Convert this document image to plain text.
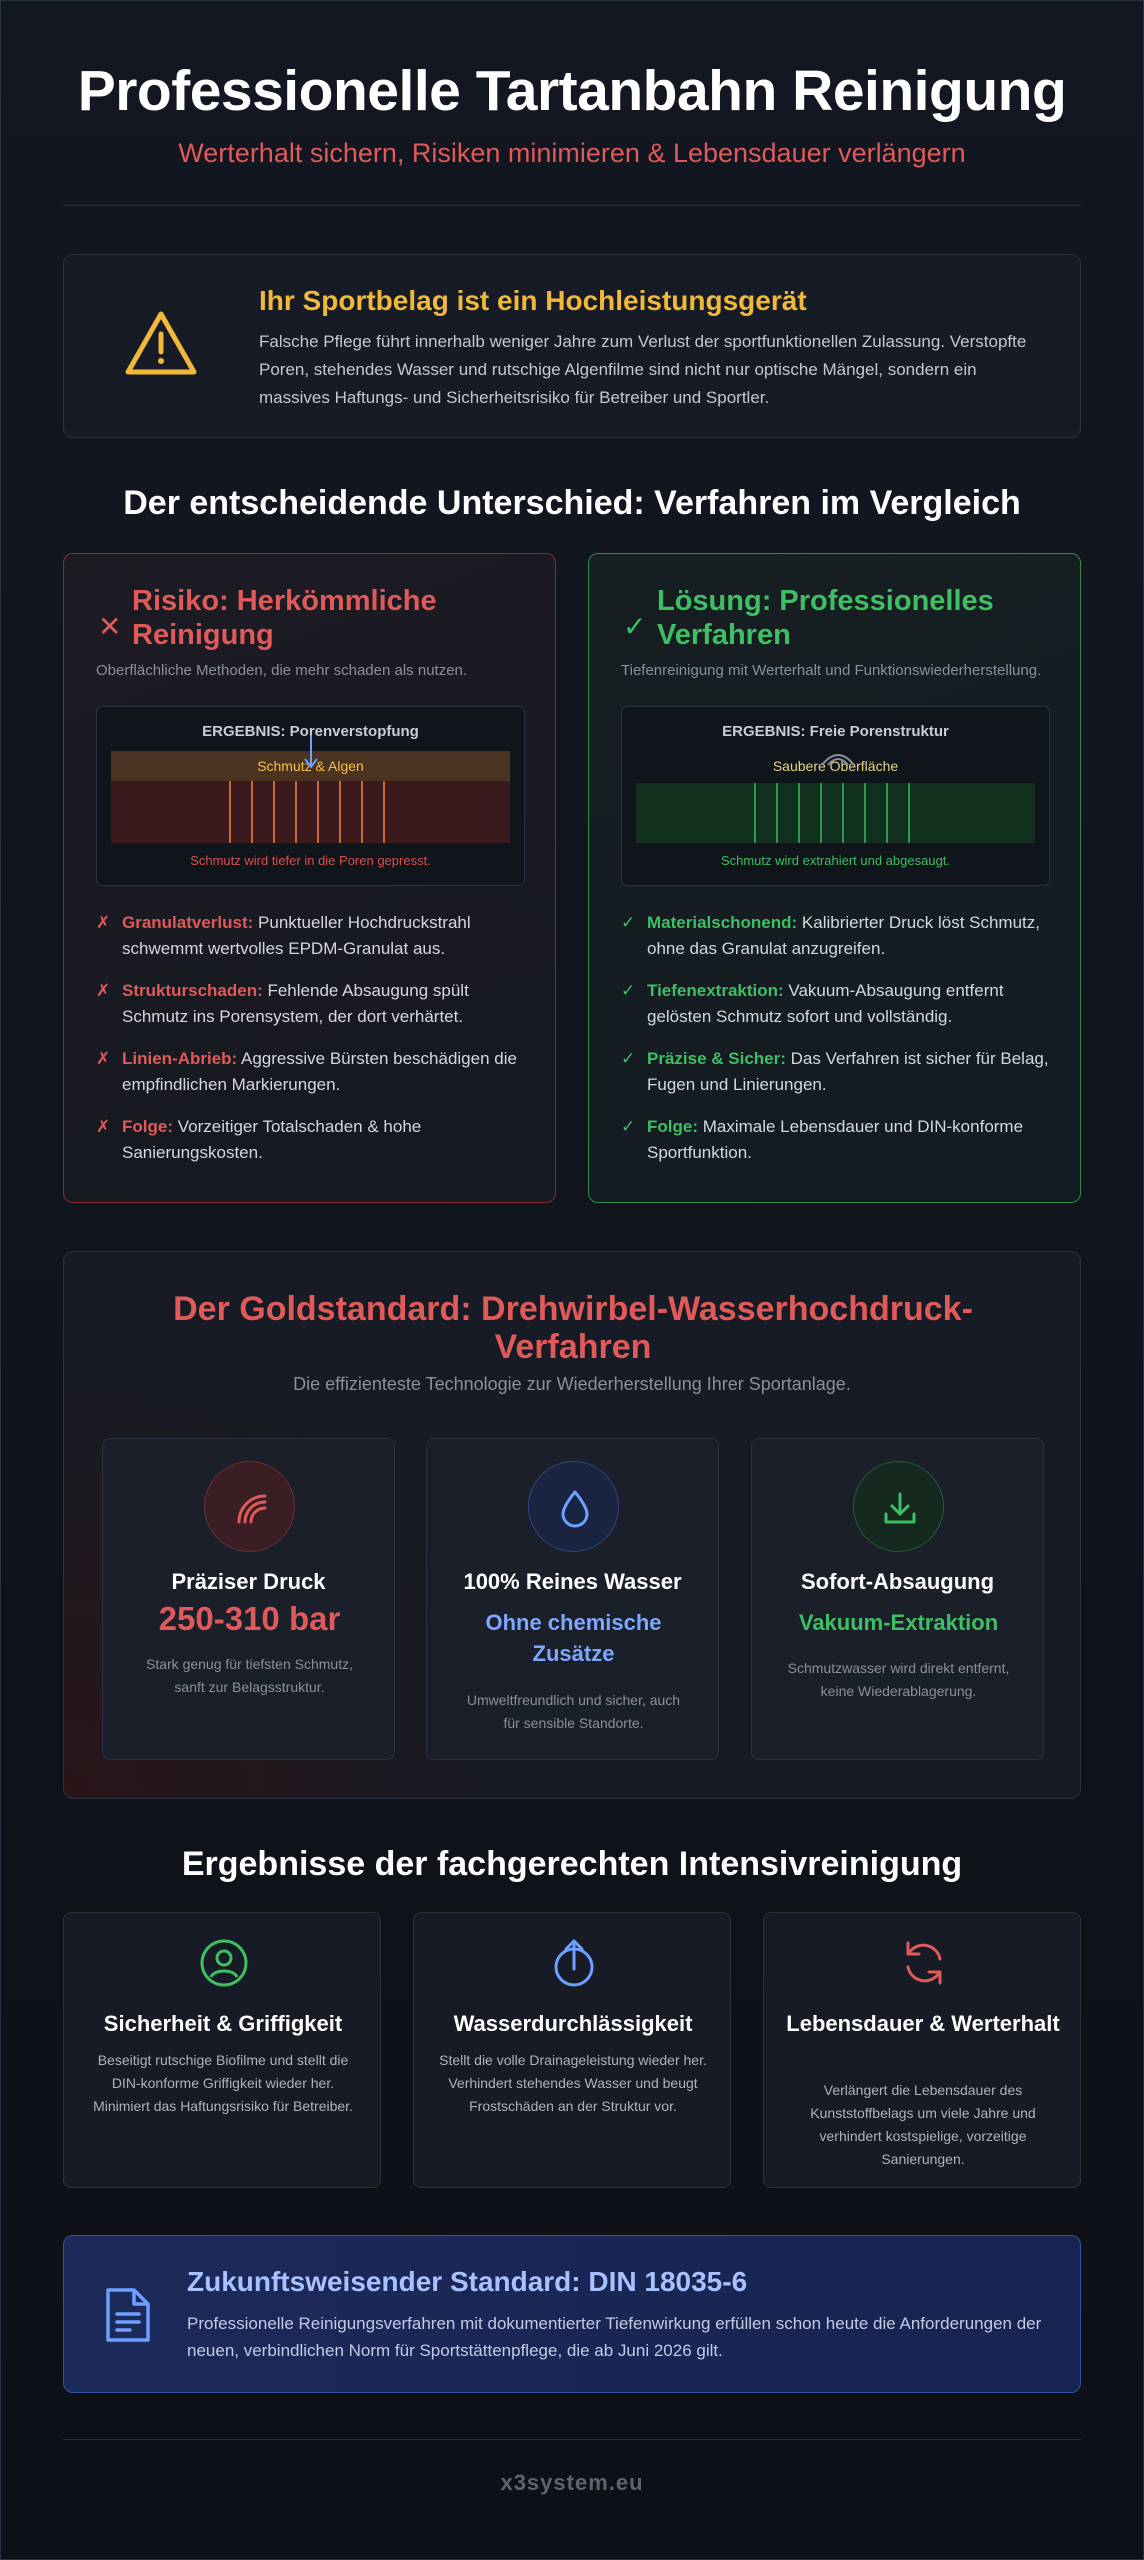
Professionelle Tartanbahn Reinigung
Werterhalt sichern, Risiken minimieren & Lebensdauer verlängern
Ihr Sportbelag ist ein Hochleistungsgerät
Falsche Pflege führt innerhalb weniger Jahre zum Verlust der sportfunktionellen Zulassung. Verstopfte Poren, stehendes Wasser und rutschige Algenfilme sind nicht nur optische Mängel, sondern ein massives Haftungs- und Sicherheitsrisiko für Betreiber und Sportler.
Der entscheidende Unterschied: Verfahren im Vergleich
✕
Risiko: Herkömmliche Reinigung
Oberflächliche Methoden, die mehr schaden als nutzen.
ERGEBNIS: Porenverstopfung
Schmutz & Algen
Schmutz wird tiefer in die Poren gepresst.
✗ Granulatverlust: Punktueller Hochdruckstrahl schwemmt wertvolles EPDM-Granulat aus.
✗ Strukturschaden: Fehlende Absaugung spült Schmutz ins Porensystem, der dort verhärtet.
✗ Linien-Abrieb: Aggressive Bürsten beschädigen die empfindlichen Markierungen.
✗ Folge: Vorzeitiger Totalschaden & hohe Sanierungskosten.
✓
Lösung: Professionelles Verfahren
Tiefenreinigung mit Werterhalt und Funktionswiederherstellung.
ERGEBNIS: Freie Porenstruktur
Saubere Oberfläche
Schmutz wird extrahiert und abgesaugt.
✓ Materialschonend: Kalibrierter Druck löst Schmutz, ohne das Granulat anzugreifen.
✓ Tiefenextraktion: Vakuum-Absaugung entfernt gelösten Schmutz sofort und vollständig.
✓ Präzise & Sicher: Das Verfahren ist sicher für Belag, Fugen und Linierungen.
✓ Folge: Maximale Lebensdauer und DIN-konforme Sportfunktion.
Der Goldstandard: Drehwirbel-Wasserhochdruck-Verfahren
Die effizienteste Technologie zur Wiederherstellung Ihrer Sportanlage.
Präziser Druck
250-310 bar
Stark genug für tiefsten Schmutz, sanft zur Belagsstruktur.
100% Reines Wasser
Ohne chemische Zusätze
Umweltfreundlich und sicher, auch für sensible Standorte.
Sofort-Absaugung
Vakuum-Extraktion
Schmutzwasser wird direkt entfernt, keine Wiederablagerung.
Ergebnisse der fachgerechten Intensivreinigung
Sicherheit & Griffigkeit
Beseitigt rutschige Biofilme und stellt die DIN-konforme Griffigkeit wieder her. Minimiert das Haftungsrisiko für Betreiber.
Wasserdurchlässigkeit
Stellt die volle Drainageleistung wieder her. Verhindert stehendes Wasser und beugt Frostschäden an der Struktur vor.
Lebensdauer & Werterhalt
Verlängert die Lebensdauer des Kunststoffbelags um viele Jahre und verhindert kostspielige, vorzeitige Sanierungen.
Zukunftsweisender Standard: DIN 18035-6
Professionelle Reinigungsverfahren mit dokumentierter Tiefenwirkung erfüllen schon heute die Anforderungen der neuen, verbindlichen Norm für Sportstättenpflege, die ab Juni 2026 gilt.
x3system.eu
